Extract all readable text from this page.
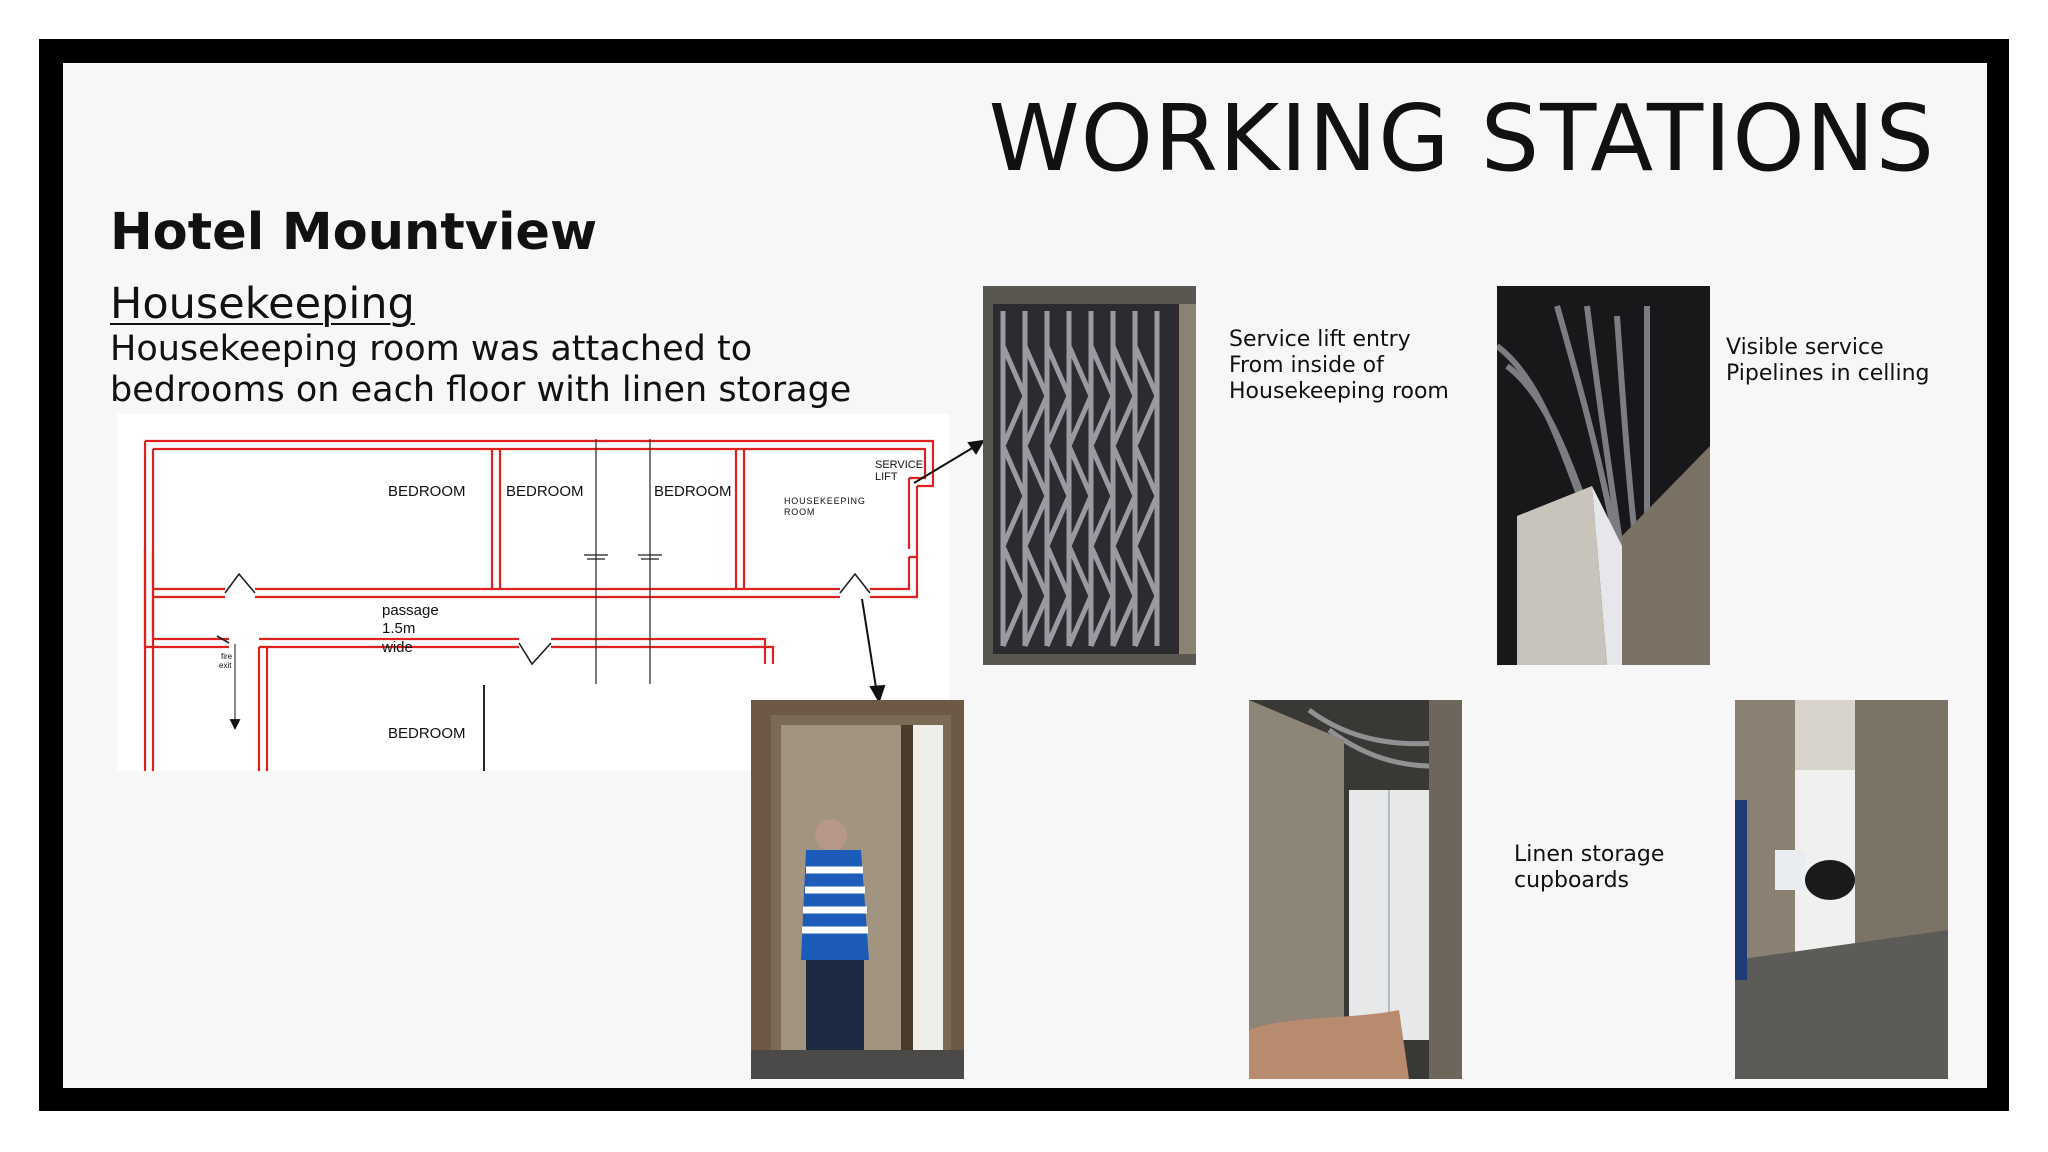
WORKING STATIONS
Hotel Mountview
Housekeeping
Housekeeping room was attached to bedrooms on each floor with linen storage
BEDROOM	BEDROOM	BEDROOM
HOUSEKEEPING
ROOM
SERVICE
LIFT
passage
1.5m
wide
fire
exit
BEDROOM
Service lift entry
From inside of
Housekeeping room
Visible service
Pipelines in celling
Linen storage
cupboards
